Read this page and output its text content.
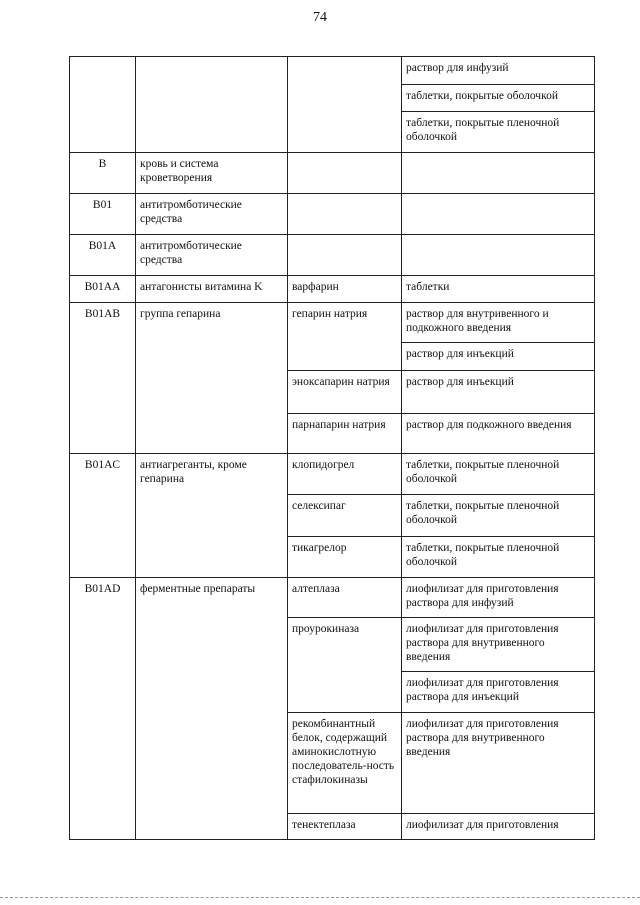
74
			раствор для инфузий
			таблетки, покрытые оболочкой
			таблетки, покрытые пленочной оболочкой
B	кровь и система кроветворения		
B01	антитромботические средства		
B01A	антитромботические средства		
B01AA	антагонисты витамина K	варфарин	таблетки
B01AB	группа гепарина	гепарин натрия	раствор для внутривенного и подкожного введения
			раствор для инъекций
		эноксапарин натрия	раствор для инъекций
		парнапарин натрия	раствор для подкожного введения
B01AC	антиагреганты, кроме гепарина	клопидогрел	таблетки, покрытые пленочной оболочкой
		селексипаг	таблетки, покрытые пленочной оболочкой
		тикагрелор	таблетки, покрытые пленочной оболочкой
B01AD	ферментные препараты	алтеплаза	лиофилизат для приготовления раствора для инфузий
		проурокиназа	лиофилизат для приготовления раствора для внутривенного введения
			лиофилизат для приготовления раствора для инъекций
		рекомбинантный белок, содержащий аминокислотную последователь-ность стафилокиназы	лиофилизат для приготовления раствора для внутривенного введения
		тенектеплаза	лиофилизат для приготовления
